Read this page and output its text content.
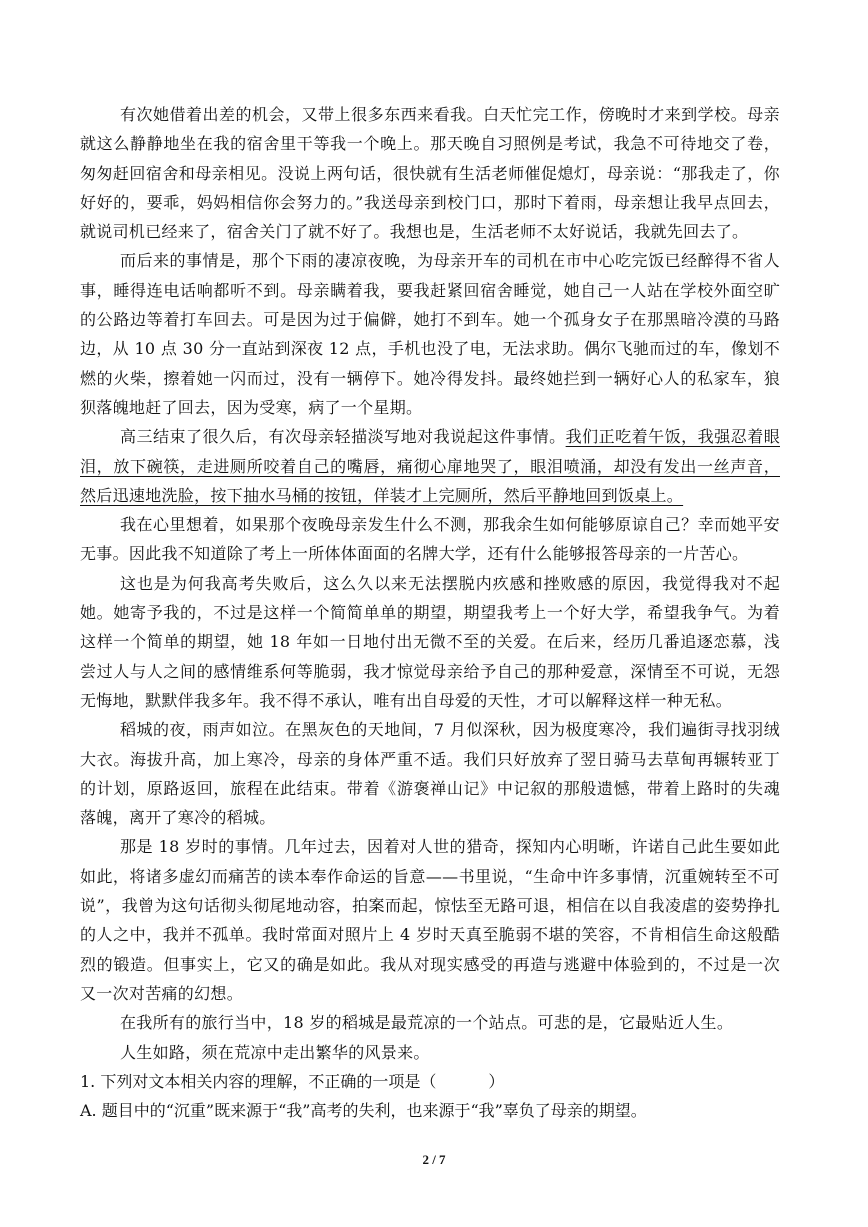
有次她借着出差的机会，又带上很多东西来看我。白天忙完工作，傍晚时才来到学校。母亲就这么静静地坐在我的宿舍里干等我一个晚上。那天晚自习照例是考试，我急不可待地交了卷，匆匆赶回宿舍和母亲相见。没说上两句话，很快就有生活老师催促熄灯，母亲说：“那我走了，你好好的，要乖，妈妈相信你会努力的。”我送母亲到校门口，那时下着雨，母亲想让我早点回去，就说司机已经来了，宿舍关门了就不好了。我想也是，生活老师不太好说话，我就先回去了。

而后来的事情是，那个下雨的凄凉夜晚，为母亲开车的司机在市中心吃完饭已经醉得不省人事，睡得连电话响都听不到。母亲瞒着我，要我赶紧回宿舍睡觉，她自己一人站在学校外面空旷的公路边等着打车回去。可是因为过于偏僻，她打不到车。她一个孤身女子在那黑暗冷漠的马路边，从 10 点 30 分一直站到深夜 12 点，手机也没了电，无法求助。偶尔飞驰而过的车，像划不燃的火柴，擦着她一闪而过，没有一辆停下。她冷得发抖。最终她拦到一辆好心人的私家车，狼狈落魄地赶了回去，因为受寒，病了一个星期。

高三结束了很久后，有次母亲轻描淡写地对我说起这件事情。我们正吃着午饭，我强忍着眼泪，放下碗筷，走进厕所咬着自己的嘴唇，痛彻心扉地哭了，眼泪喷涌，却没有发出一丝声音，然后迅速地洗脸，按下抽水马桶的按钮，佯装才上完厕所，然后平静地回到饭桌上。

我在心里想着，如果那个夜晚母亲发生什么不测，那我余生如何能够原谅自己？幸而她平安无事。因此我不知道除了考上一所体体面面的名牌大学，还有什么能够报答母亲的一片苦心。

这也是为何我高考失败后，这么久以来无法摆脱内疚感和挫败感的原因，我觉得我对不起她。她寄予我的，不过是这样一个简简单单的期望，期望我考上一个好大学，希望我争气。为着这样一个简单的期望，她 18 年如一日地付出无微不至的关爱。在后来，经历几番追逐恋慕，浅尝过人与人之间的感情维系何等脆弱，我才惊觉母亲给予自己的那种爱意，深情至不可说，无怨无悔地，默默伴我多年。我不得不承认，唯有出自母爱的天性，才可以解释这样一种无私。

稻城的夜，雨声如泣。在黑灰色的天地间，7 月似深秋，因为极度寒冷，我们遍街寻找羽绒大衣。海拔升高，加上寒冷，母亲的身体严重不适。我们只好放弃了翌日骑马去草甸再辗转亚丁的计划，原路返回，旅程在此结束。带着《游褒禅山记》中记叙的那般遗憾，带着上路时的失魂落魄，离开了寒冷的稻城。

那是 18 岁时的事情。几年过去，因着对人世的猎奇，探知内心明晰，许诺自己此生要如此如此，将诸多虚幻而痛苦的读本奉作命运的旨意——书里说，“生命中许多事情，沉重婉转至不可说”，我曾为这句话彻头彻尾地动容，拍案而起，惊怯至无路可退，相信在以自我凌虐的姿势挣扎的人之中，我并不孤单。我时常面对照片上 4 岁时天真至脆弱不堪的笑容，不肯相信生命这般酷烈的锻造。但事实上，它又的确是如此。我从对现实感受的再造与逃避中体验到的，不过是一次又一次对苦痛的幻想。

在我所有的旅行当中，18 岁的稻城是最荒凉的一个站点。可悲的是，它最贴近人生。

人生如路，须在荒凉中走出繁华的风景来。

1. 下列对文本相关内容的理解，不正确的一项是（	）

A. 题目中的“沉重”既来源于“我”高考的失利，也来源于“我”辜负了母亲的期望。

2 / 7
